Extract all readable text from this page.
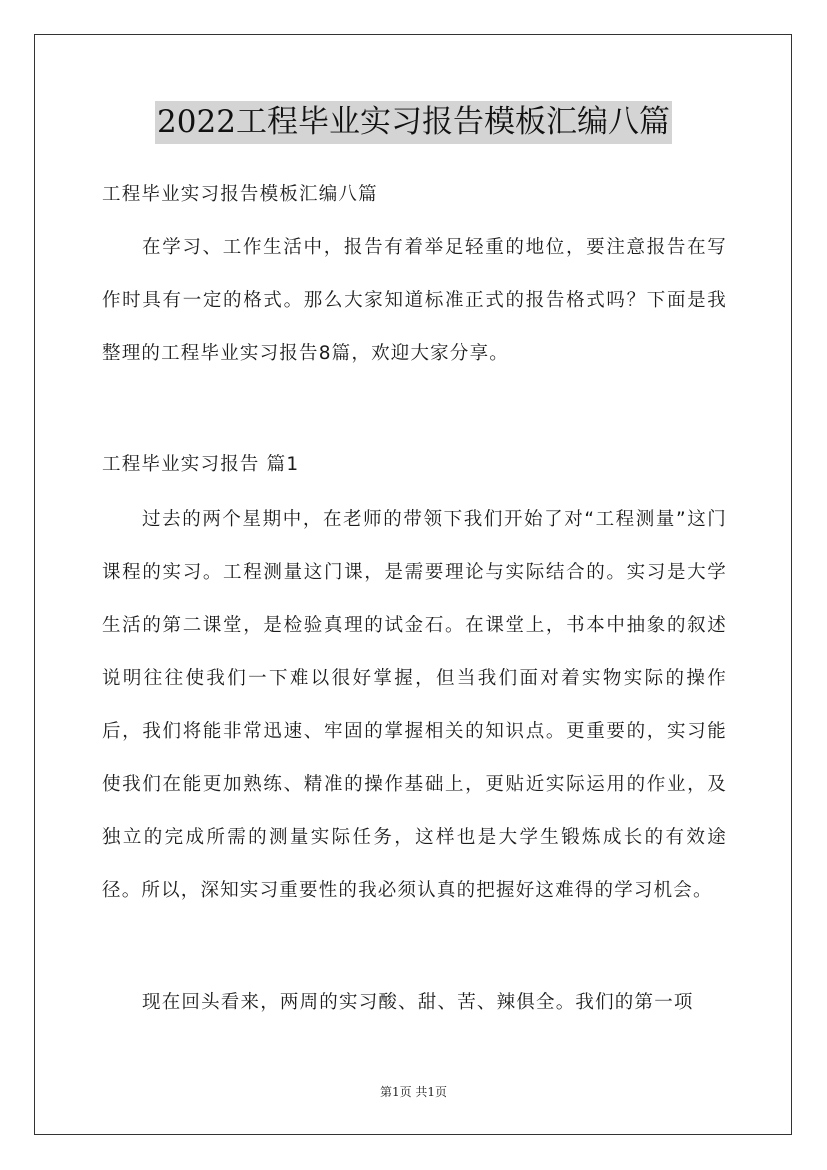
2022工程毕业实习报告模板汇编八篇

工程毕业实习报告模板汇编八篇

在学习、工作生活中，报告有着举足轻重的地位，要注意报告在写作时具有一定的格式。那么大家知道标准正式的报告格式吗？下面是我整理的工程毕业实习报告8篇，欢迎大家分享。

工程毕业实习报告 篇1

过去的两个星期中，在老师的带领下我们开始了对“工程测量”这门课程的实习。工程测量这门课，是需要理论与实际结合的。实习是大学生活的第二课堂，是检验真理的试金石。在课堂上，书本中抽象的叙述说明往往使我们一下难以很好掌握，但当我们面对着实物实际的操作后，我们将能非常迅速、牢固的掌握相关的知识点。更重要的，实习能使我们在能更加熟练、精准的操作基础上，更贴近实际运用的作业，及独立的完成所需的测量实际任务，这样也是大学生锻炼成长的有效途径。所以，深知实习重要性的我必须认真的把握好这难得的学习机会。

现在回头看来，两周的实习酸、甜、苦、辣俱全。我们的第一项

第1页 共1页
